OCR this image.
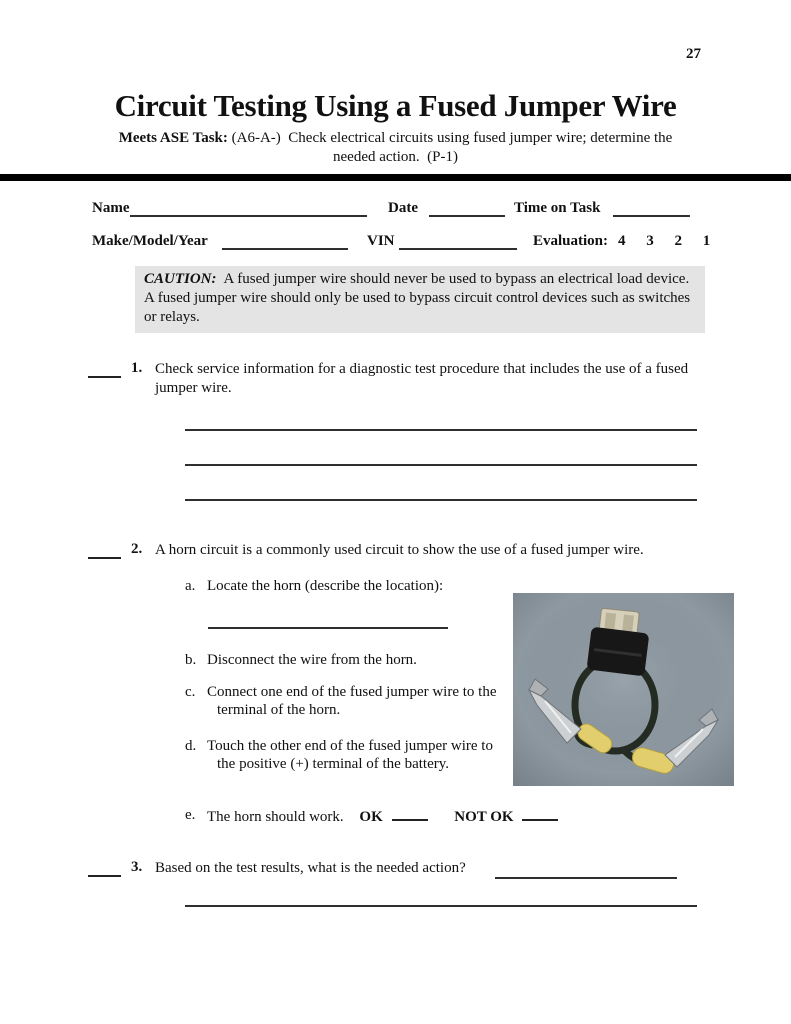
27
Circuit Testing Using a Fused Jumper Wire
Meets ASE Task: (A6-A-)  Check electrical circuits using fused jumper wire; determine the
needed action.  (P-1)
Name	Date	Time on Task
Make/Model/Year	VIN	Evaluation: 4 3 2 1
CAUTION: A fused jumper wire should never be used to bypass an electrical load device.  A fused jumper wire should only be used to bypass circuit control devices such as switches or relays.
1. Check service information for a diagnostic test procedure that includes the use of a fused jumper wire.
2. A horn circuit is a commonly used circuit to show the use of a fused jumper wire.
a. Locate the horn (describe the location):
b. Disconnect the wire from the horn.
c. Connect one end of the fused jumper wire to the terminal of the horn.
d. Touch the other end of the fused jumper wire to the positive (+) terminal of the battery.
e. The horn should work. OK	NOT OK
3. Based on the test results, what is the needed action?
